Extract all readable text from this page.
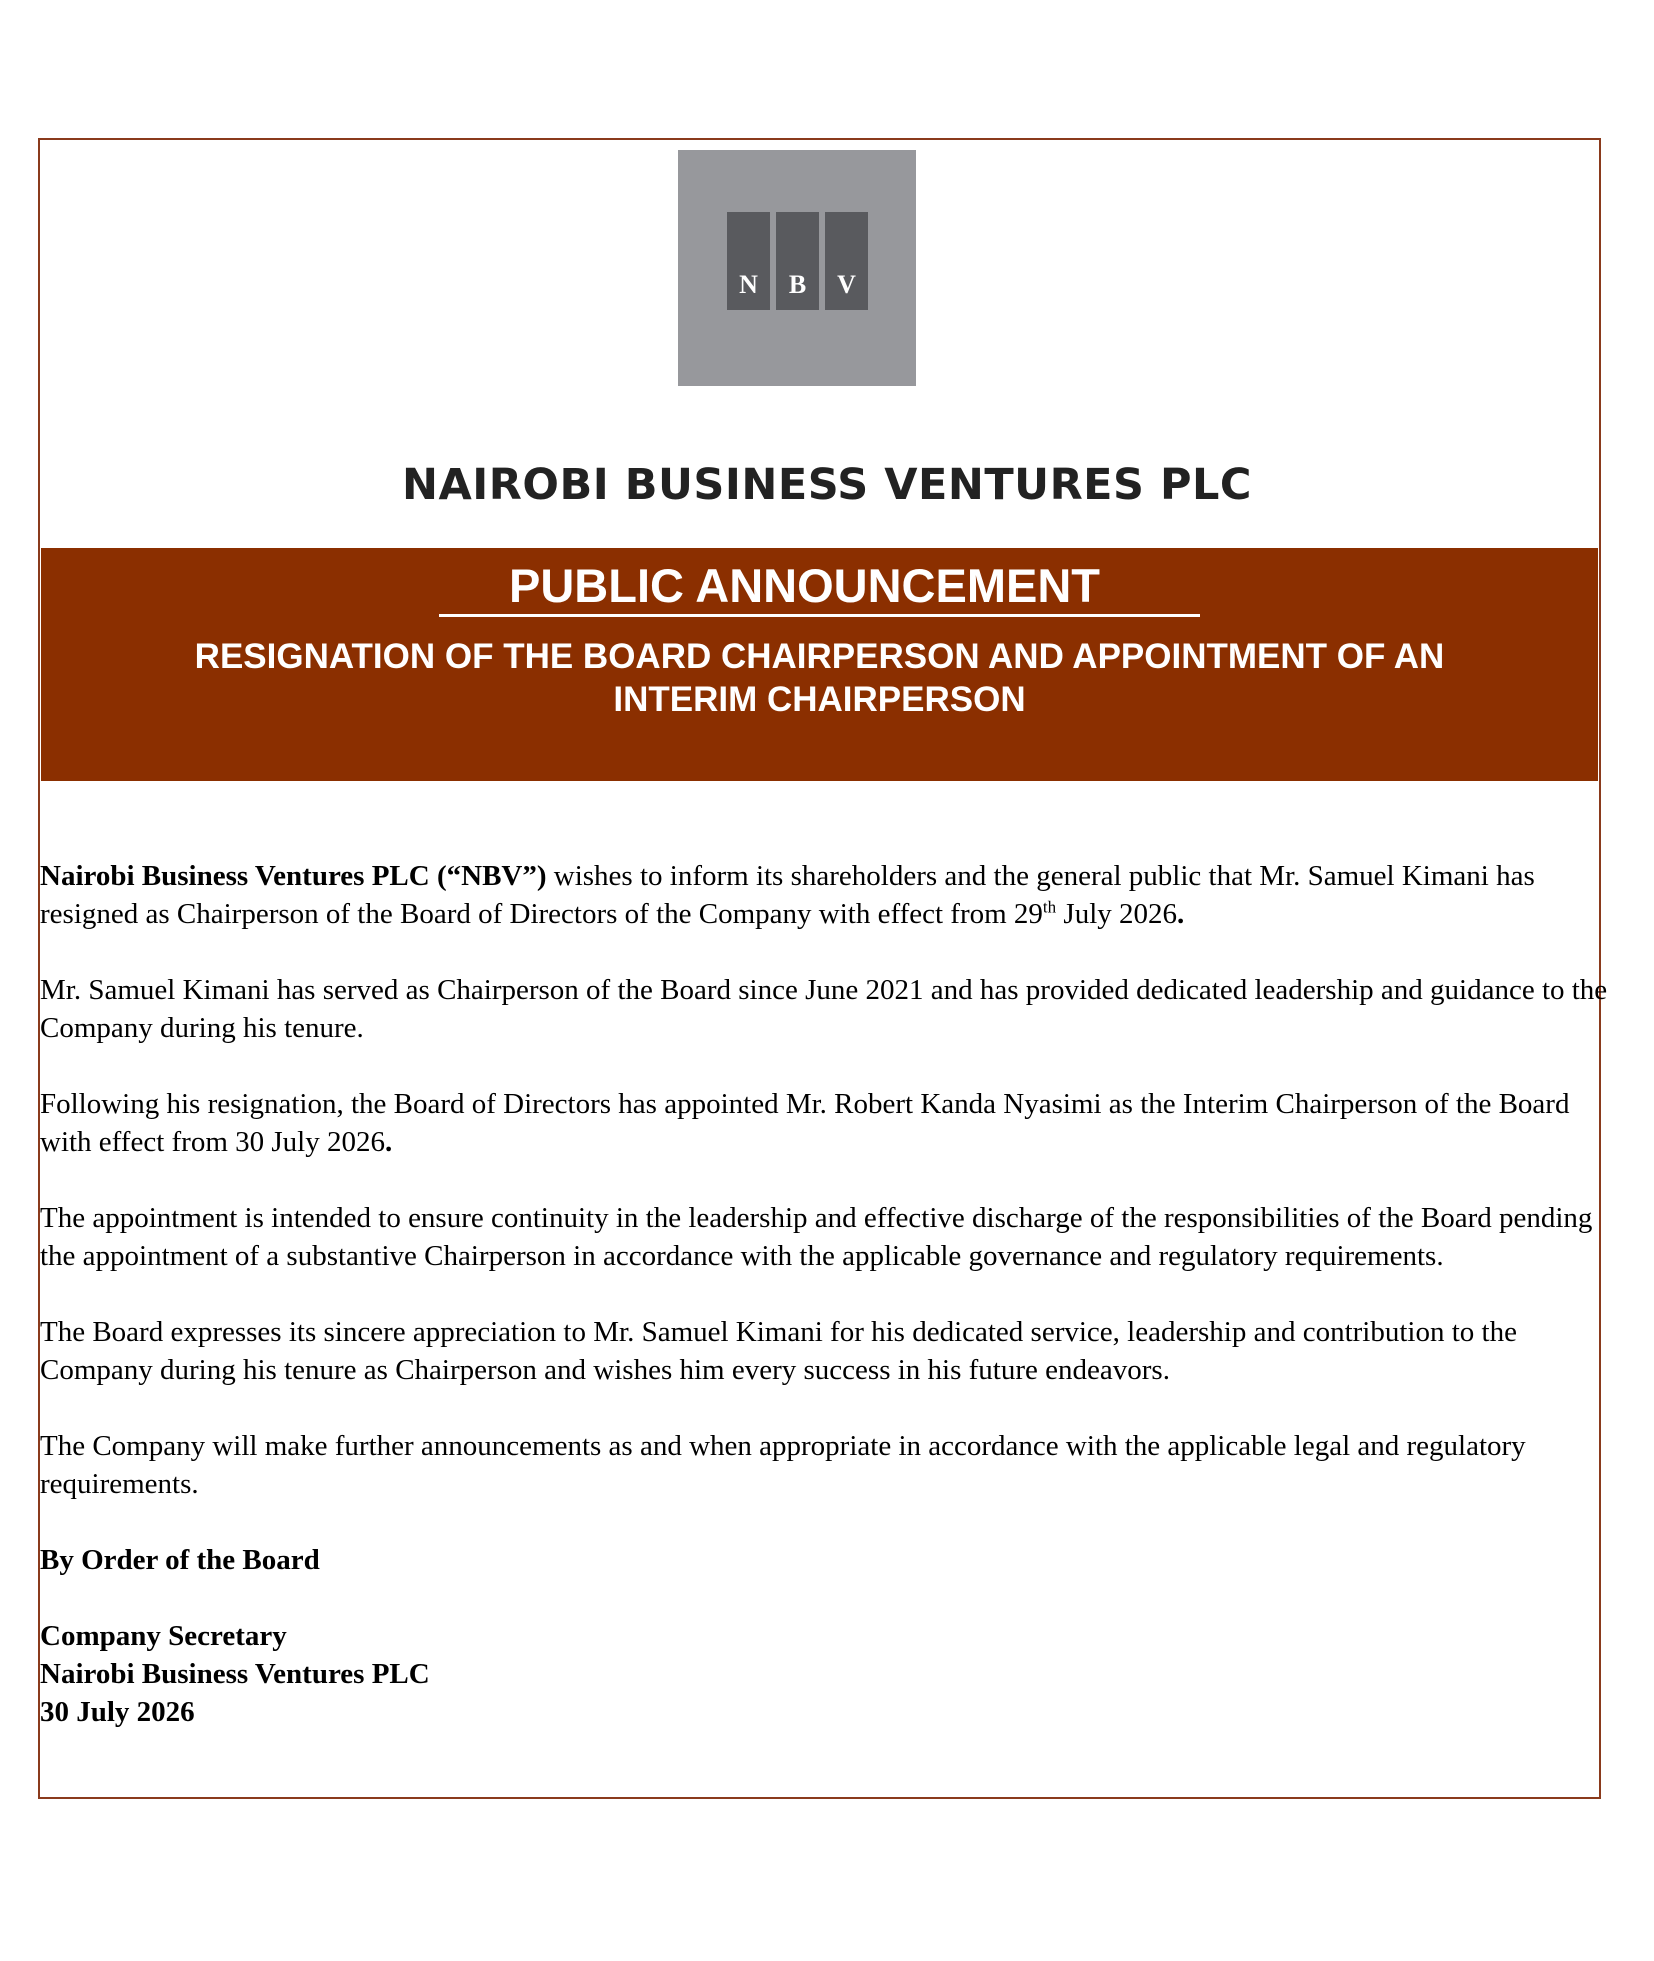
N	B	V
NAIROBI BUSINESS VENTURES PLC
PUBLIC ANNOUNCEMENT
RESIGNATION OF THE BOARD CHAIRPERSON AND APPOINTMENT OF AN
INTERIM CHAIRPERSON

Nairobi Business Ventures PLC (“NBV”) wishes to inform its shareholders and the general public that Mr. Samuel Kimani has resigned as Chairperson of the Board of Directors of the Company with effect from 29th July 2026.

Mr. Samuel Kimani has served as Chairperson of the Board since June 2021 and has provided dedicated leadership and guidance to the Company during his tenure.

Following his resignation, the Board of Directors has appointed Mr. Robert Kanda Nyasimi as the Interim Chairperson of the Board with effect from 30 July 2026.

The appointment is intended to ensure continuity in the leadership and effective discharge of the responsibilities of the Board pending the appointment of a substantive Chairperson in accordance with the applicable governance and regulatory requirements.

The Board expresses its sincere appreciation to Mr. Samuel Kimani for his dedicated service, leadership and contribution to the Company during his tenure as Chairperson and wishes him every success in his future endeavors.

The Company will make further announcements as and when appropriate in accordance with the applicable legal and regulatory requirements.

By Order of the Board

Company Secretary

Nairobi Business Ventures PLC

30 July 2026
